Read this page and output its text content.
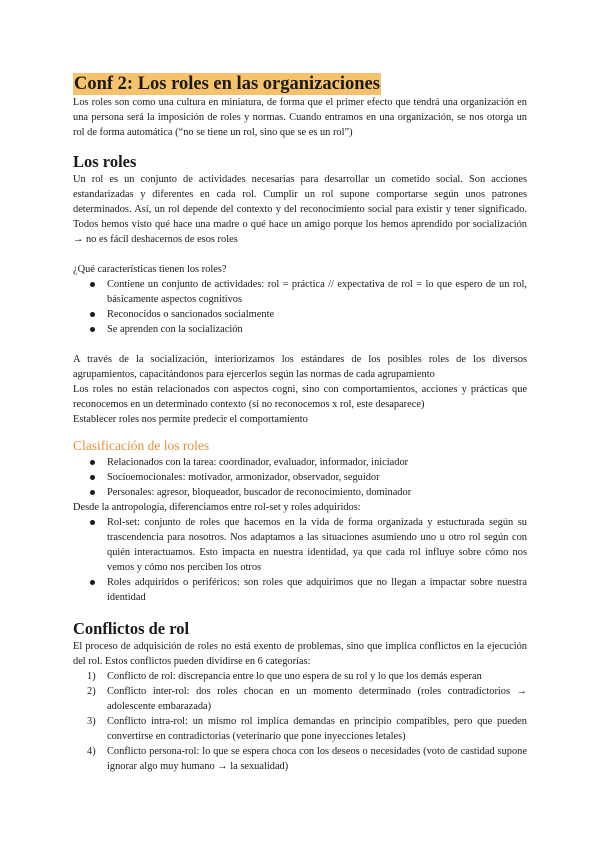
Conf 2: Los roles en las organizaciones

Los roles son como una cultura en miniatura, de forma que el primer efecto que tendrá una organización en una persona será la imposición de roles y normas. Cuando entramos en una organización, se nos otorga un rol de forma automática (“no se tiene un rol, sino que se es un rol”)

Los roles

Un rol es un conjunto de actividades necesarias para desarrollar un cometido social. Son acciones estandarizadas y diferentes en cada rol. Cumplir un rol supone comportarse según unos patrones determinados. Así, un rol depende del contexto y del reconocimiento social para existir y tener significado. Todos hemos visto qué hace una madre o qué hace un amigo porque los hemos aprendido por socialización → no es fácil deshacernos de esos roles

¿Qué características tienen los roles?

Contiene un conjunto de actividades: rol = práctica // expectativa de rol = lo que espero de un rol, básicamente aspectos cognitivos
Reconocidos o sancionados socialmente
Se aprenden con la socialización

A través de la socialización, interiorizamos los estándares de los posibles roles de los diversos agrupamientos, capacitándonos para ejercerlos según las normas de cada agrupamiento

Los roles no están relacionados con aspectos cogni, sino con comportamientos, acciones y prácticas que reconocemos en un determinado contexto (si no reconocemos x rol, este desaparece)

Establecer roles nos permite predecir el comportamiento

Clasificación de los roles
Relacionados con la tarea: coordinador, evaluador, informador, iniciador
Socioemocionales: motivador, armonizador, observador, seguidor
Personales: agresor, bloqueador, buscador de reconocimiento, dominador

Desde la antropología, diferenciamos entre rol-set y roles adquiridos:

Rol-set: conjunto de roles que hacemos en la vida de forma organizada y estucturada según su trascendencia para nosotros. Nos adaptamos a las situaciones asumiendo uno u otro rol según con quién interactuamos. Esto impacta en nuestra identidad, ya que cada rol influye sobre cómo nos vemos y cómo nos perciben los otros
Roles adquiridos o periféricos: son roles que adquirimos que no llegan a impactar sobre nuestra identidad
Conflictos de rol

El proceso de adquisición de roles no está exento de problemas, sino que implica conflictos en la ejecución del rol. Estos conflictos pueden dividirse en 6 categorías:

1) Conflicto de rol: discrepancia entre lo que uno espera de su rol y lo que los demás esperan
2) Conflicto inter-rol: dos roles chocan en un momento determinado (roles contradictorios → adolescente embarazada)
3) Conflicto intra-rol: un mismo rol implica demandas en principio compatibles, pero que pueden convertirse en contradictorias (veterinario que pone inyecciones letales)
4) Conflicto persona-rol: lo que se espera choca con los deseos o necesidades (voto de castidad supone ignorar algo muy humano → la sexualidad)
